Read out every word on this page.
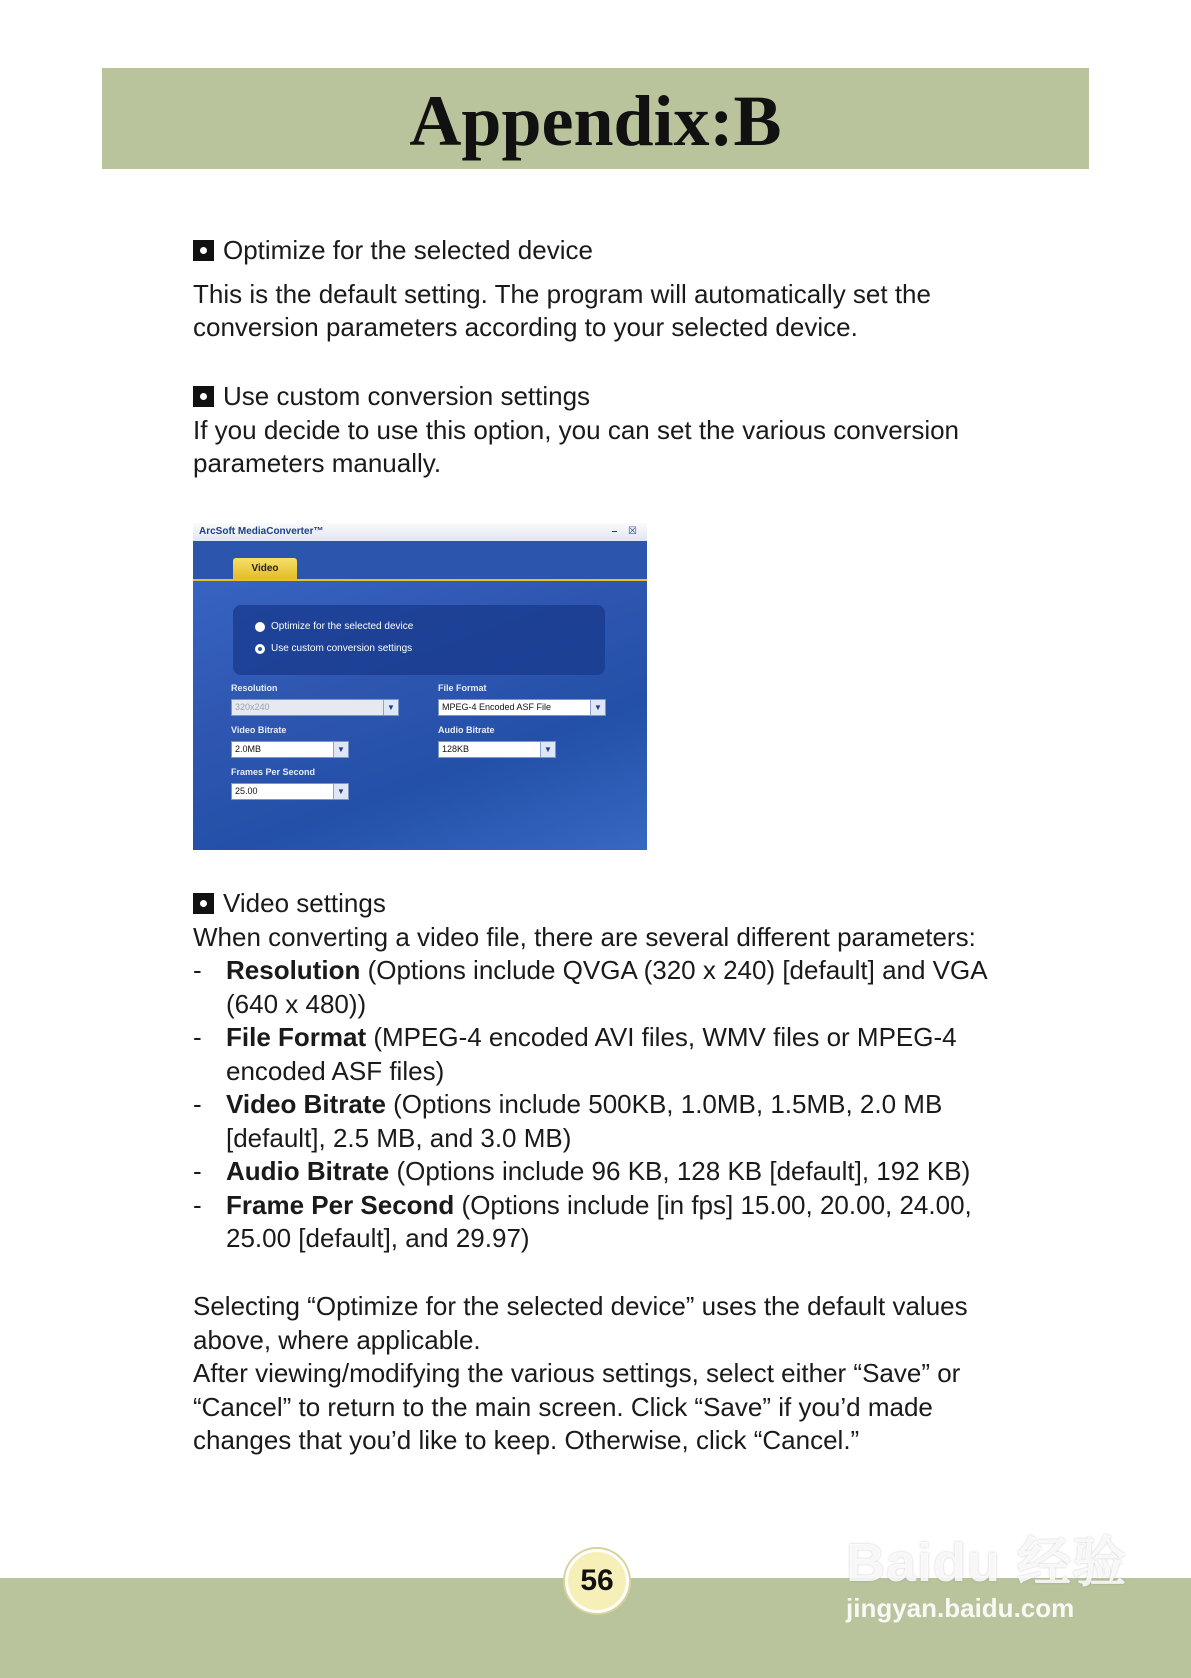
Appendix:B
Optimize for the selected device

This is the default setting. The program will automatically set the

conversion parameters according to your selected device.

Use custom conversion settings

If you decide to use this option, you can set the various conversion

parameters manually.

ArcSoft MediaConverter™	– ☒
Video
Optimize for the selected device
Use custom conversion settings
Resolution
320x240	▼
File Format
MPEG-4 Encoded ASF File	▼
Video Bitrate
2.0MB	▼
Audio Bitrate
128KB	▼
Frames Per Second
25.00	▼
Video settings

When converting a video file, there are several different parameters:

- Resolution (Options include QVGA (320 x 240) [default] and VGA
(640 x 480))
- File Format (MPEG-4 encoded AVI files, WMV files or MPEG-4
encoded ASF files)
- Video Bitrate (Options include 500KB, 1.0MB, 1.5MB, 2.0 MB
[default], 2.5 MB, and 3.0 MB)
- Audio Bitrate (Options include 96 KB, 128 KB [default], 192 KB)
- Frame Per Second (Options include [in fps] 15.00, 20.00, 24.00,
25.00 [default], and 29.97)

Selecting “Optimize for the selected device” uses the default values

above, where applicable.

After viewing/modifying the various settings, select either “Save” or

“Cancel” to return to the main screen. Click “Save” if you’d made

changes that you’d like to keep. Otherwise, click “Cancel.”

56	Baidu 经验
jingyan.baidu.com
